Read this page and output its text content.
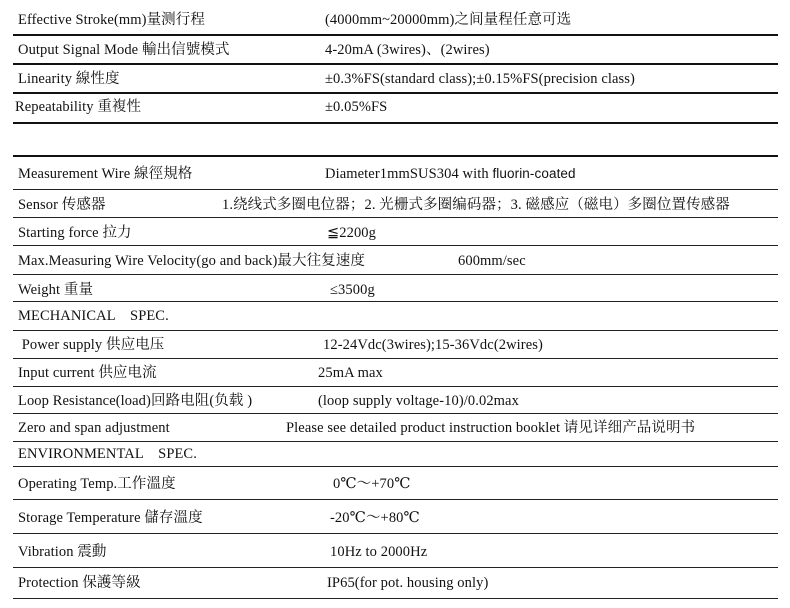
Effective Stroke(mm)量测行程	(4000mm~20000mm)之间量程任意可选
Output Signal Mode 輸出信號模式	4-20mA (3wires)、(2wires)
Linearity 線性度	±0.3%FS(standard class);±0.15%FS(precision class)
Repeatability 重複性	±0.05%FS
Measurement Wire 線徑規格	Diameter1mmSUS304 with fluorin-coated
Sensor 传感器	1.绕线式多圈电位器；2. 光栅式多圈编码器；3. 磁感应（磁电）多圈位置传感器
Starting force 拉力	≦2200g
Max.Measuring Wire Velocity(go and back)最大往复速度	600mm/sec
Weight 重量	≤3500g
MECHANICAL    SPEC.
Power supply 供应电压	12-24Vdc(3wires);15-36Vdc(2wires)
Input current 供应电流	25mA max
Loop Resistance(load)回路电阻(负载 )	(loop supply voltage-10)/0.02max
Zero and span adjustment	Please see detailed product instruction booklet 请见详细产品说明书
ENVIRONMENTAL    SPEC.
Operating Temp.工作溫度	0℃～+70℃
Storage Temperature 儲存溫度	-20℃～+80℃
Vibration 震動	10Hz to 2000Hz
Protection 保護等級	IP65(for pot. housing only)
